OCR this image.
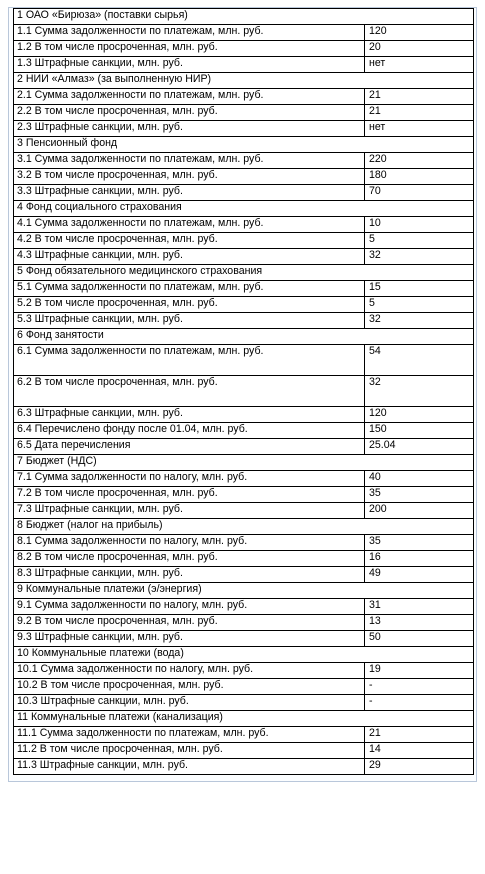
1 ОАО «Бирюза» (поставки сырья)	
1.1 Сумма задолженности по платежам, млн. руб.	120
1.2 В том числе просроченная, млн. руб.	20
1.3 Штрафные санкции, млн. руб.	нет
2 НИИ «Алмаз» (за выполненную НИР)	
2.1 Сумма задолженности по платежам, млн. руб.	21
2.2 В том числе просроченная, млн. руб.	21
2.3 Штрафные санкции, млн. руб.	нет
3 Пенсионный фонд	
3.1 Сумма задолженности по платежам, млн. руб.	220
3.2 В том числе просроченная, млн. руб.	180
3.3 Штрафные санкции, млн. руб.	70
4 Фонд социального страхования	
4.1 Сумма задолженности по платежам, млн. руб.	10
4.2 В том числе просроченная, млн. руб.	5
4.3 Штрафные санкции, млн. руб.	32
5 Фонд обязательного медицинского страхования	
5.1 Сумма задолженности по платежам, млн. руб.	15
5.2 В том числе просроченная, млн. руб.	5
5.3 Штрафные санкции, млн. руб.	32
6 Фонд занятости	
6.1 Сумма задолженности по платежам, млн. руб.	54
6.2 В том числе просроченная, млн. руб.	32
6.3 Штрафные санкции, млн. руб.	120
6.4 Перечислено фонду после 01.04, млн. руб.	150
6.5 Дата перечисления	25.04
7 Бюджет (НДС)	
7.1 Сумма задолженности по налогу, млн. руб.	40
7.2 В том числе просроченная, млн. руб.	35
7.3 Штрафные санкции, млн. руб.	200
8 Бюджет (налог на прибыль)	
8.1 Сумма задолженности по налогу, млн. руб.	35
8.2 В том числе просроченная, млн. руб.	16
8.3 Штрафные санкции, млн. руб.	49
9 Коммунальные платежи (э/энергия)	
9.1 Сумма задолженности по налогу, млн. руб.	31
9.2 В том числе просроченная, млн. руб.	13
9.3 Штрафные санкции, млн. руб.	50
10 Коммунальные платежи (вода)	
10.1 Сумма задолженности по налогу, млн. руб.	19
10.2 В том числе просроченная, млн. руб.	-
10.3 Штрафные санкции, млн. руб.	-
11 Коммунальные платежи (канализация)	
11.1 Сумма задолженности по платежам, млн. руб.	21
11.2 В том числе просроченная, млн. руб.	14
11.3 Штрафные санкции, млн. руб.	29
